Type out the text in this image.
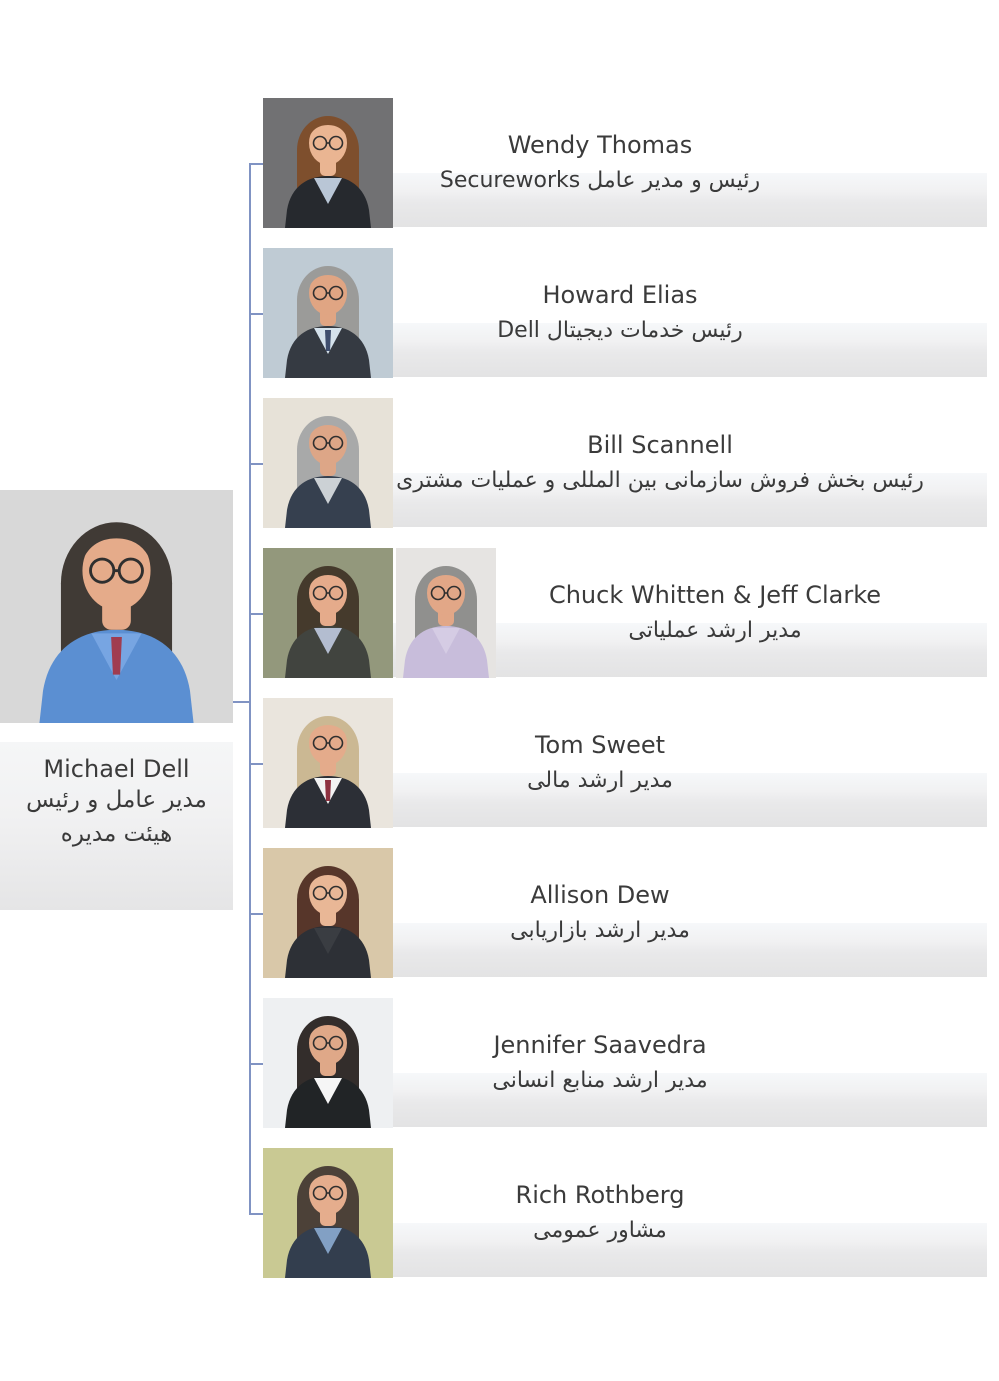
Michael Dell
مدیر عامل و رئیس
هیئت مدیره
Wendy Thomas
رئیس و مدیر عامل Secureworks
Howard Elias
رئیس خدمات دیجیتال Dell
Bill Scannell
رئیس بخش فروش سازمانی بین المللی و عملیات مشتری
Chuck Whitten & Jeff Clarke
مدیر ارشد عملیاتی
Tom Sweet
مدیر ارشد مالی
Allison Dew
مدیر ارشد بازاریابی
Jennifer Saavedra
مدیر ارشد منابع انسانی
Rich Rothberg
مشاور عمومی
